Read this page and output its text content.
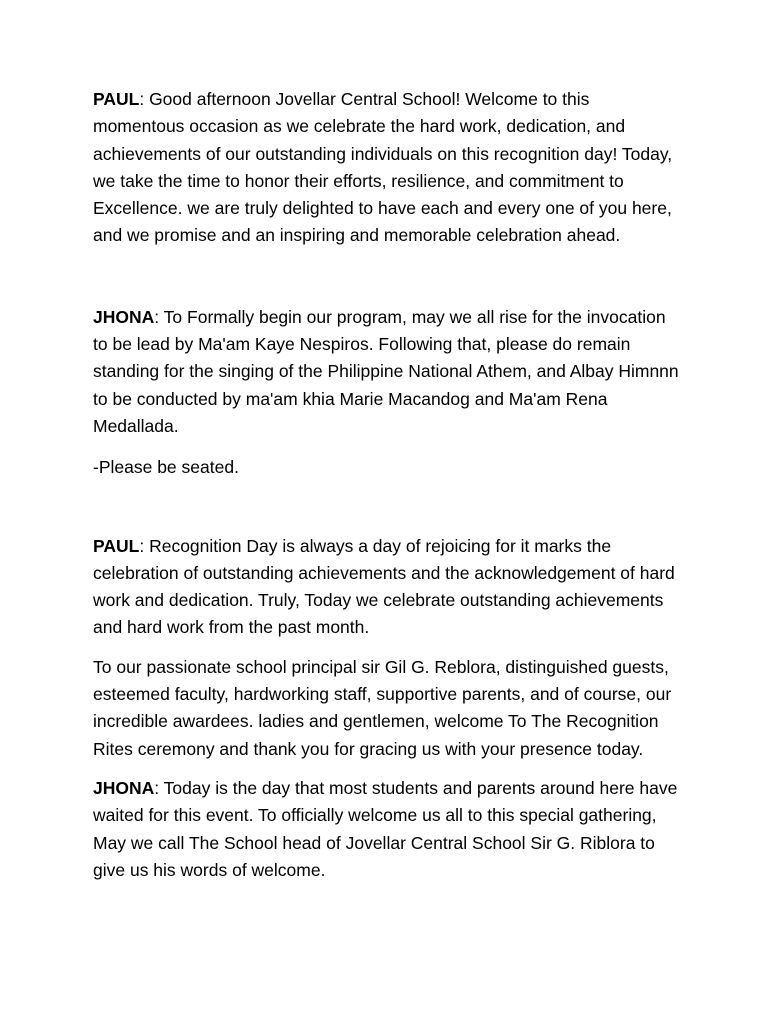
PAUL: Good afternoon Jovellar Central School! Welcome to this momentous occasion as we celebrate the hard work, dedication, and achievements of our outstanding individuals on this recognition day! Today, we take the time to honor their efforts, resilience, and commitment to Excellence. we are truly delighted to have each and every one of you here, and we promise and an inspiring and memorable celebration ahead.

JHONA: To Formally begin our program, may we all rise for the invocation to be lead by Ma'am Kaye Nespiros. Following that, please do remain standing for the singing of the Philippine National Athem, and Albay Himnnn to be conducted by ma'am khia Marie Macandog and Ma'am Rena Medallada.

-Please be seated.

PAUL: Recognition Day is always a day of rejoicing for it marks the celebration of outstanding achievements and the acknowledgement of hard work and dedication. Truly, Today we celebrate outstanding achievements and hard work from the past month.

To our passionate school principal sir Gil G. Reblora, distinguished guests, esteemed faculty, hardworking staff, supportive parents, and of course, our incredible awardees. ladies and gentlemen, welcome To The Recognition Rites ceremony and thank you for gracing us with your presence today.

JHONA: Today is the day that most students and parents around here have waited for this event. To officially welcome us all to this special gathering, May we call The School head of Jovellar Central School Sir G. Riblora to give us his words of welcome.
